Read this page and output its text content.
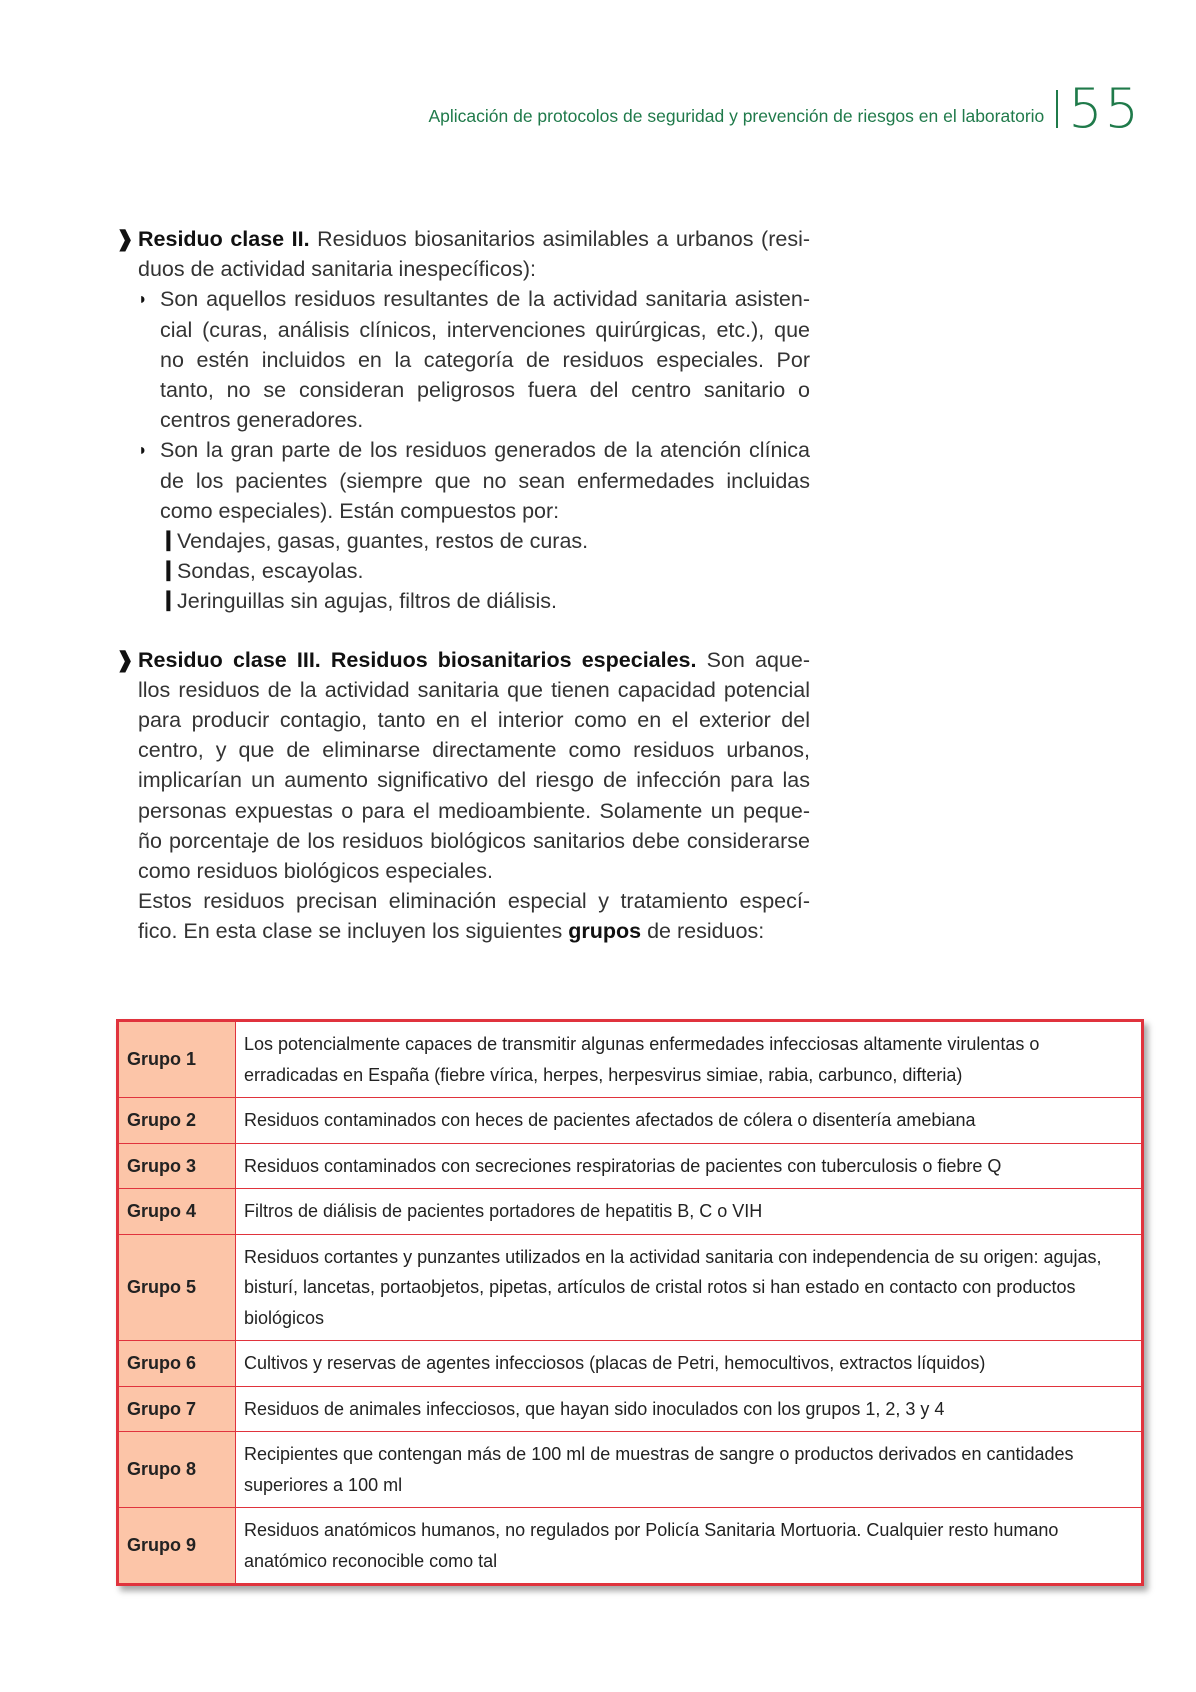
Aplicación de protocolos de seguridad y prevención de riesgos en el laboratorio 55
❱ Residuo clase II. Residuos biosanitarios asimilables a urbanos (resi- duos de actividad sanitaria inespecíficos):
◗ Son aquellos residuos resultantes de la actividad sanitaria asisten- cial (curas, análisis clínicos, intervenciones quirúrgicas, etc.), que no estén incluidos en la categoría de residuos especiales. Por tanto, no se consideran peligrosos fuera del centro sanitario o centros generadores.
◗ Son la gran parte de los residuos generados de la atención clínica de los pacientes (siempre que no sean enfermedades incluidas como especiales). Están compuestos por:
❙ Vendajes, gasas, guantes, restos de curas.
❙ Sondas, escayolas.
❙ Jeringuillas sin agujas, filtros de diálisis.
❱ Residuo clase III. Residuos biosanitarios especiales. Son aque- llos residuos de la actividad sanitaria que tienen capacidad potencial para producir contagio, tanto en el interior como en el exterior del centro, y que de eliminarse directamente como residuos urbanos, implicarían un aumento significativo del riesgo de infección para las personas expuestas o para el medioambiente. Solamente un peque- ño porcentaje de los residuos biológicos sanitarios debe considerarse como residuos biológicos especiales.
Estos residuos precisan eliminación especial y tratamiento especí- fico. En esta clase se incluyen los siguientes grupos de residuos:
Grupo 1	Los potencialmente capaces de transmitir algunas enfermedades infecciosas altamente virulentas o erradicadas en España (fiebre vírica, herpes, herpesvirus simiae, rabia, carbunco, difteria)
Grupo 2	Residuos contaminados con heces de pacientes afectados de cólera o disentería amebiana
Grupo 3	Residuos contaminados con secreciones respiratorias de pacientes con tuberculosis o fiebre Q
Grupo 4	Filtros de diálisis de pacientes portadores de hepatitis B, C o VIH
Grupo 5	Residuos cortantes y punzantes utilizados en la actividad sanitaria con independencia de su origen: agujas, bisturí, lancetas, portaobjetos, pipetas, artículos de cristal rotos si han estado en contacto con productos biológicos
Grupo 6	Cultivos y reservas de agentes infecciosos (placas de Petri, hemocultivos, extractos líquidos)
Grupo 7	Residuos de animales infecciosos, que hayan sido inoculados con los grupos 1, 2, 3 y 4
Grupo 8	Recipientes que contengan más de 100 ml de muestras de sangre o productos derivados en cantidades superiores a 100 ml
Grupo 9	Residuos anatómicos humanos, no regulados por Policía Sanitaria Mortuoria. Cualquier resto humano anatómico reconocible como tal
